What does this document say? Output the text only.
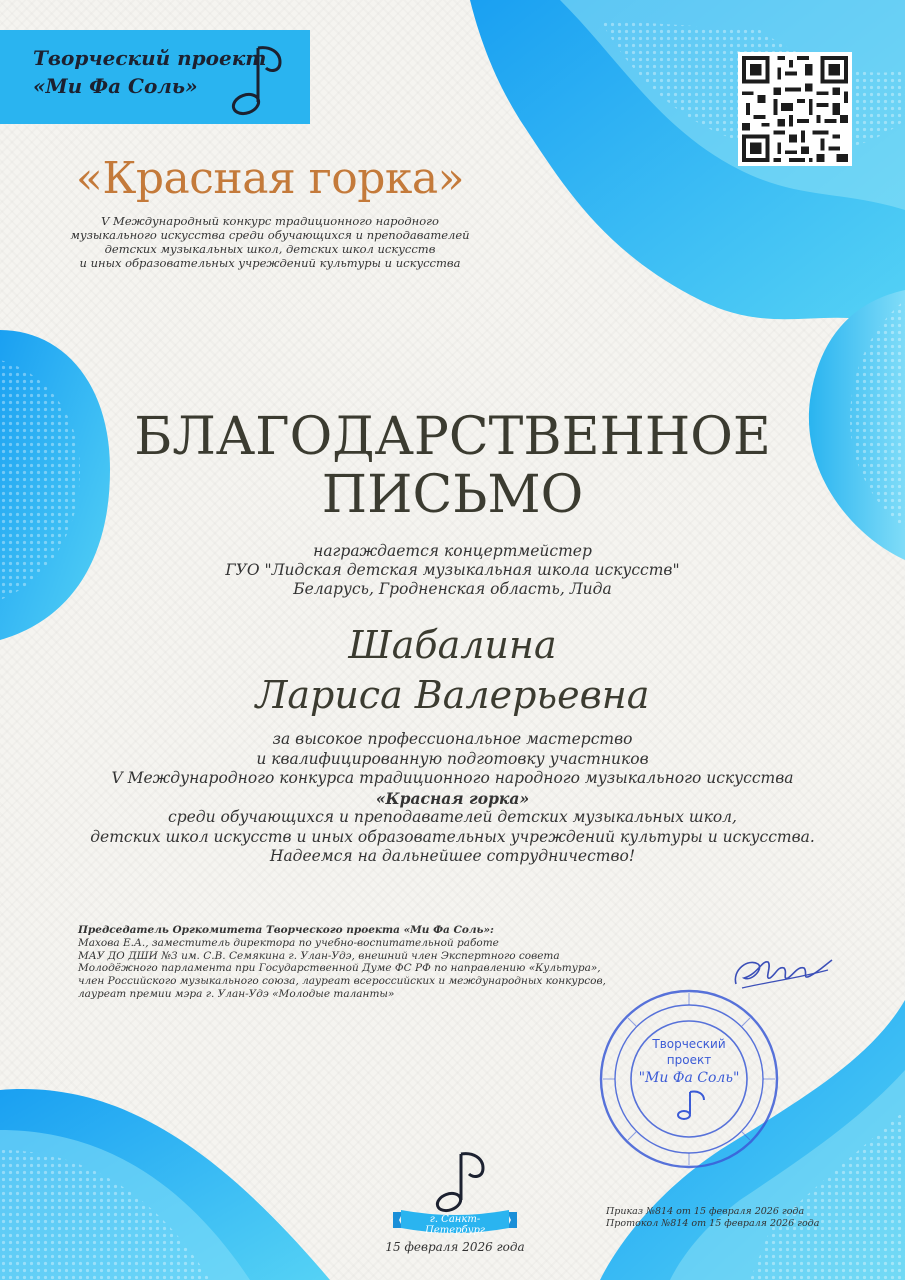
Творческий проект
«Ми Фа Соль»
«Красная горка»
V Международный конкурс традиционного народного
музыкального искусства среди обучающихся и преподавателей
детских музыкальных школ, детских школ искусств
и иных образовательных учреждений культуры и искусства
БЛАГОДАРСТВЕННОЕ
ПИСЬМО
награждается концертмейстер
ГУО "Лидская детская музыкальная школа искусств"
Беларусь, Гродненская область, Лида
Шабалина
Лариса Валерьевна
за высокое профессиональное мастерство
и квалифицированную подготовку участников
V Международного конкурса традиционного народного музыкального искусства
«Красная горка»
среди обучающихся и преподавателей детских музыкальных школ,
детских школ искусств и иных образовательных учреждений культуры и искусства.
Надеемся на дальнейшее сотрудничество!
Председатель Оргкомитета Творческого проекта «Ми Фа Соль»:
Махова Е.А., заместитель директора по учебно-воспитательной работе
МАУ ДО ДШИ №3 им. С.В. Семякина г. Улан-Удэ, внешний член Экспертного совета
Молодёжного парламента при Государственной Думе ФС РФ по направлению «Культура»,
член Российского музыкального союза, лауреат всероссийских и международных конкурсов,
лауреат премии мэра г. Улан-Удэ «Молодые таланты»
Творческий
проект
"Ми Фа Соль"
г. Санкт-Петербург
15 февраля 2026 года
Приказ №814 от 15 февраля 2026 года
Протокол №814 от 15 февраля 2026 года
